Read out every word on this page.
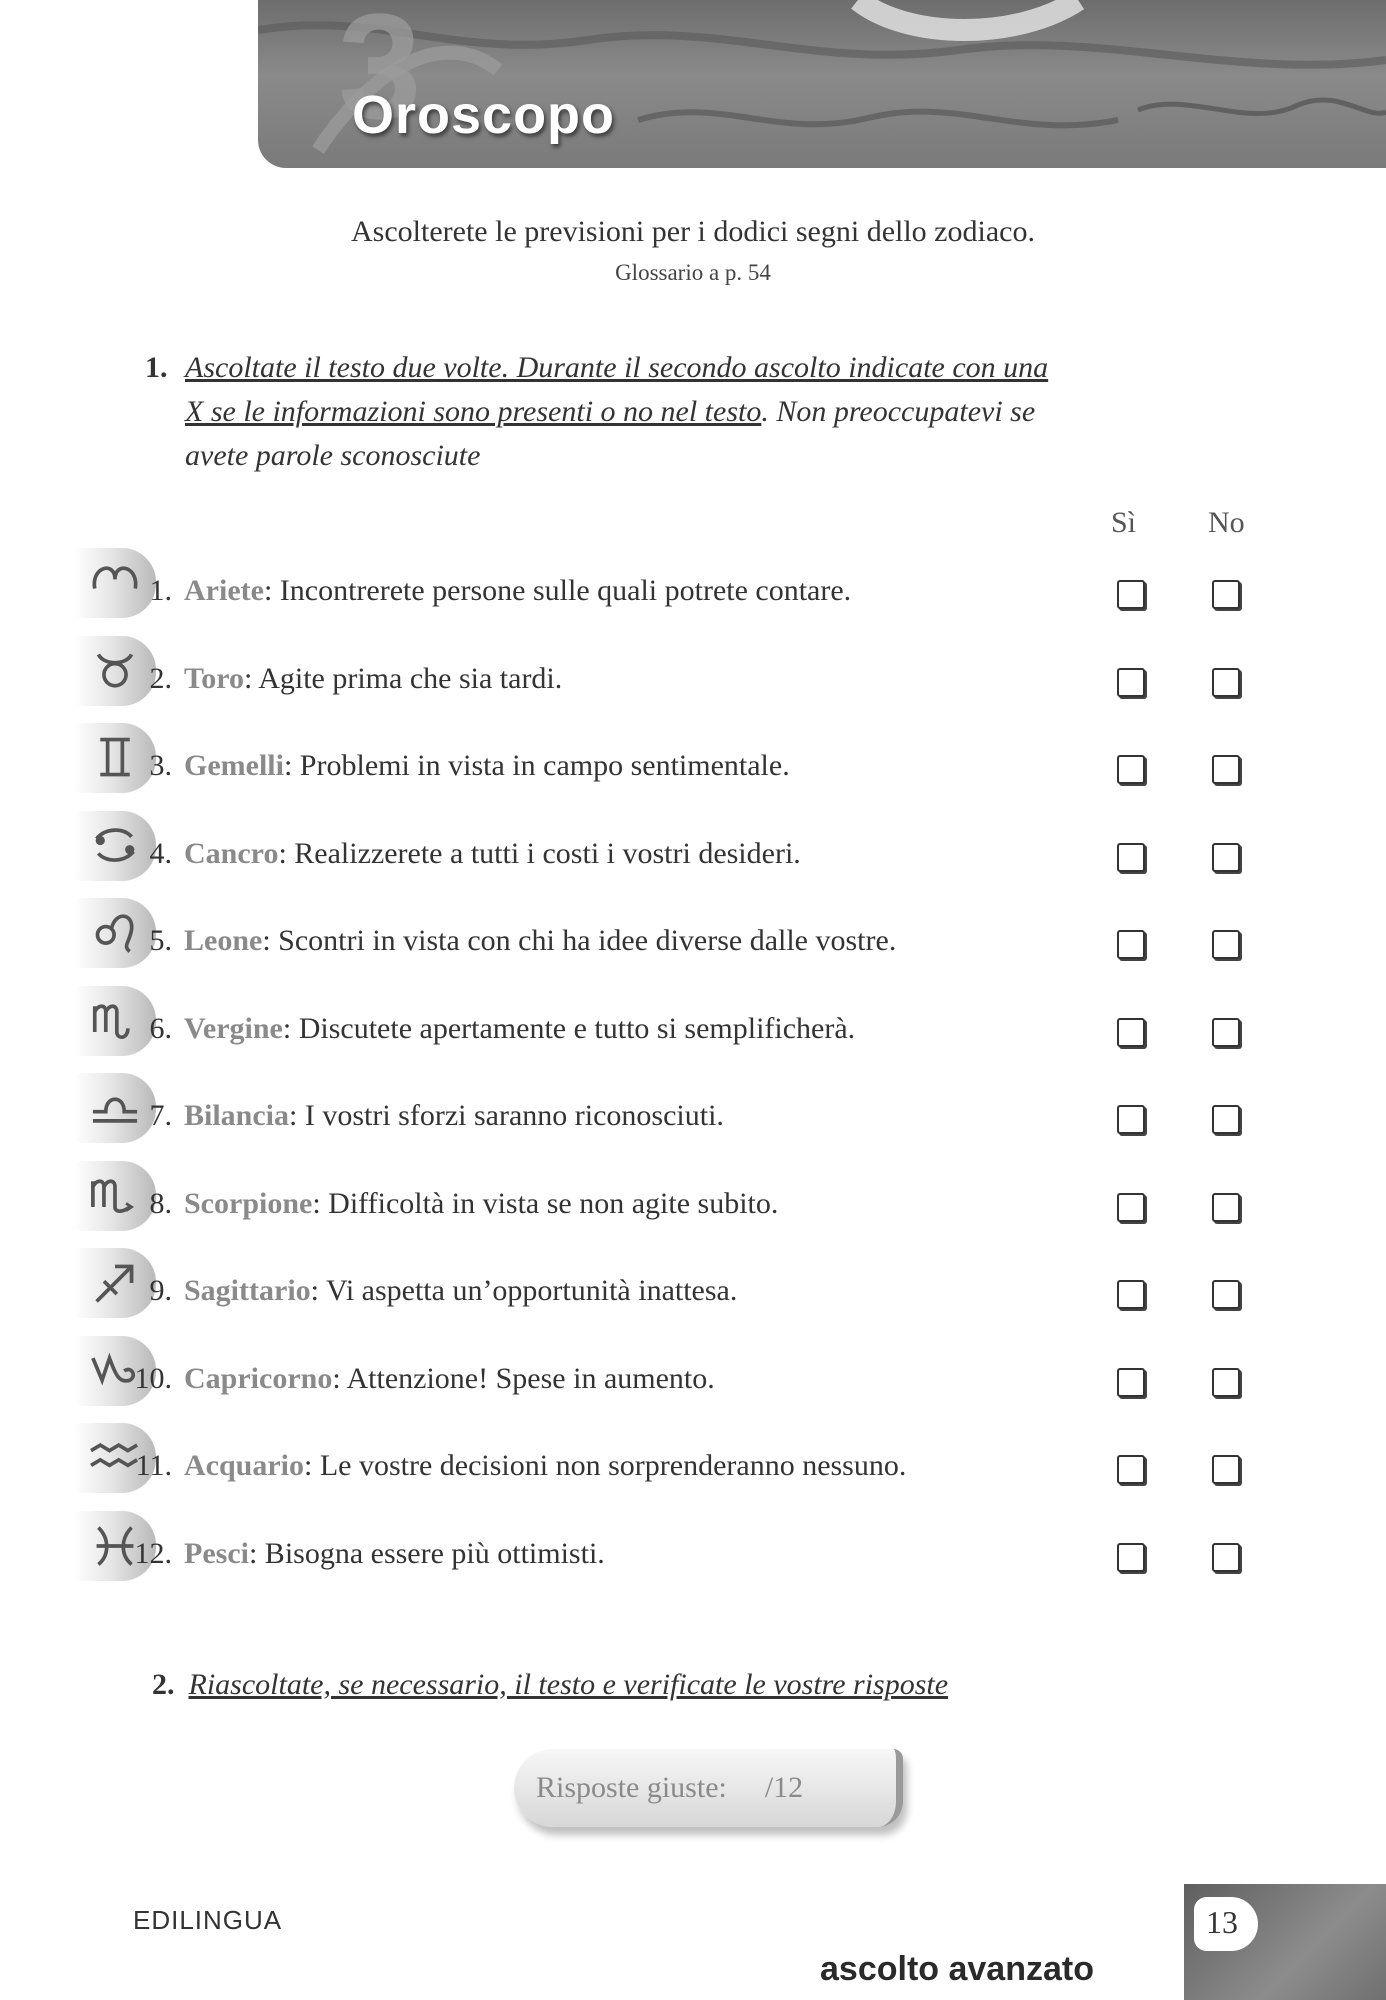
3
Oroscopo
Ascolterete le previsioni per i dodici segni dello zodiaco.
Glossario a p. 54
1. Ascoltate il testo due volte. Durante il secondo ascolto indicate con una
X se le informazioni sono presenti o no nel testo. Non preoccupatevi se
avete parole sconosciute
Sì No
1. Ariete: Incontrerete persone sulle quali potrete contare.
2. Toro: Agite prima che sia tardi.
3. Gemelli: Problemi in vista in campo sentimentale.
4. Cancro: Realizzerete a tutti i costi i vostri desideri.
5. Leone: Scontri in vista con chi ha idee diverse dalle vostre.
6. Vergine: Discutete apertamente e tutto si semplificherà.
7. Bilancia: I vostri sforzi saranno riconosciuti.
8. Scorpione: Difficoltà in vista se non agite subito.
9. Sagittario: Vi aspetta un’opportunità inattesa.
10. Capricorno: Attenzione! Spese in aumento.
11. Acquario: Le vostre decisioni non sorprenderanno nessuno.
12. Pesci: Bisogna essere più ottimisti.
2. Riascoltate, se necessario, il testo e verificate le vostre risposte
Risposte giuste: /12
EDILINGUA	13
ascolto avanzato
